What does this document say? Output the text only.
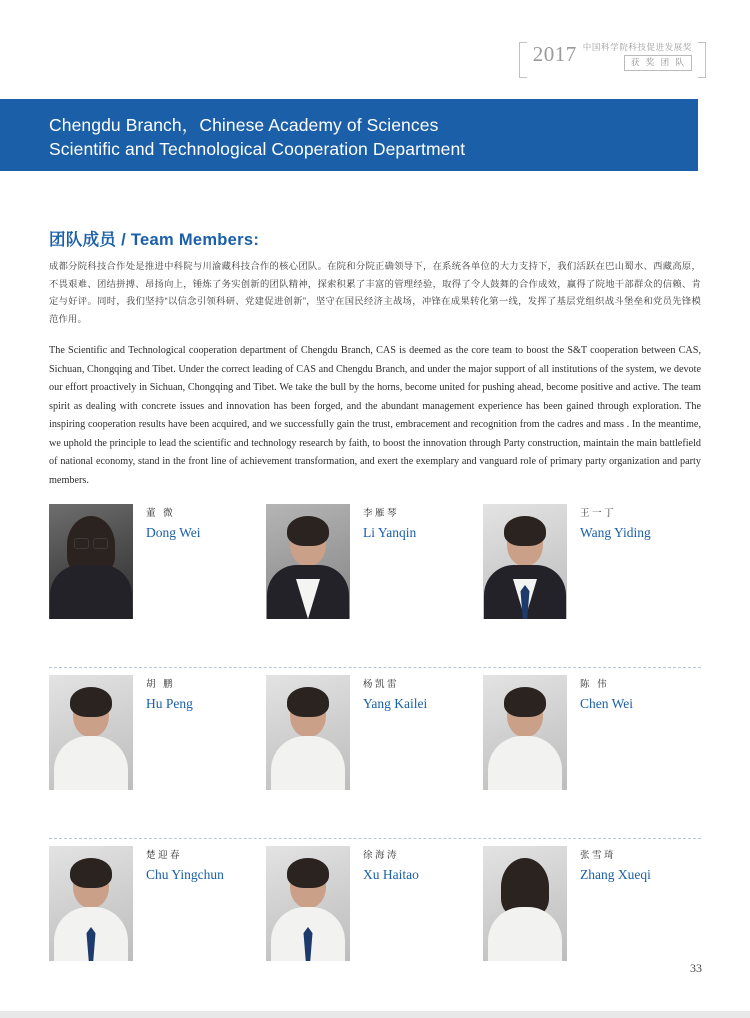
2017 中国科学院科技促进发展奖
获 奖 团 队
Chengdu Branch，Chinese Academy of Sciences
Scientific and Technological Cooperation Department
团队成员 / Team Members:
成都分院科技合作处是推进中科院与川渝藏科技合作的核心团队。在院和分院正确领导下，在系统各单位的大力支持下，我们活跃在巴山蜀水、西藏高原，不畏艰难、团结拼搏、昂扬向上，锤炼了务实创新的团队精神，探索积累了丰富的管理经验，取得了令人鼓舞的合作成效，赢得了院地干部群众的信赖、肯定与好评。同时，我们坚持“以信念引领科研、党建促进创新”，坚守在国民经济主战场，冲锋在成果转化第一线，发挥了基层党组织战斗堡垒和党员先锋模范作用。
The Scientific and Technological cooperation department of Chengdu Branch, CAS is deemed as the core team to boost the S&T cooperation between CAS, Sichuan, Chongqing and Tibet. Under the correct leading of CAS and Chengdu Branch, and under the major support of all institutions of the system, we devote our effort proactively in Sichuan, Chongqing and Tibet. We take the bull by the horns, become united for pushing ahead, become positive and active. The team spirit as dealing with concrete issues and innovation has been forged, and the abundant management experience has been gained through exploration. The inspiring cooperation results have been acquired, and we successfully gain the trust, embracement and recognition from the cadres and mass . In the meantime, we uphold the principle to lead the scientific and technology research by faith, to boost the innovation through Party construction, maintain the main battlefield of national economy, stand in the front line of achievement transformation, and exert the exemplary and vanguard role of primary party organization and party members.
董 微
Dong Wei
李雁琴
Li Yanqin
王一丁
Wang Yiding
胡 鹏
Hu Peng
杨凯雷
Yang Kailei
陈 伟
Chen Wei
楚迎春
Chu Yingchun
徐海涛
Xu Haitao
张雪琦
Zhang Xueqi
33
